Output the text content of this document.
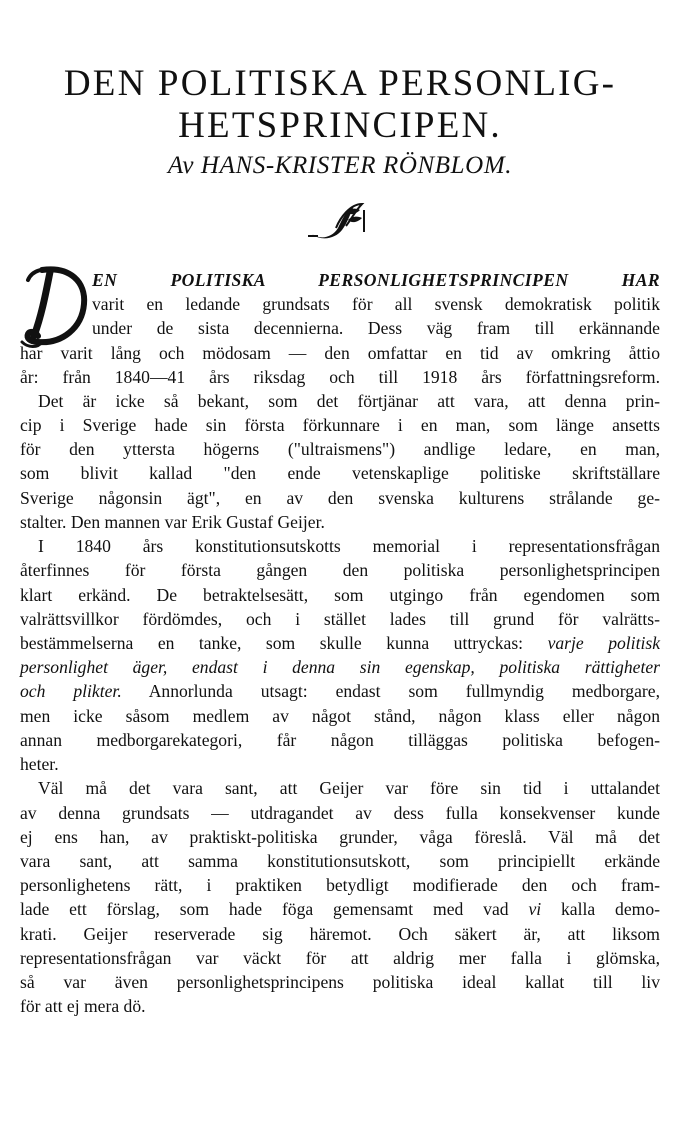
DEN POLITISKA PERSONLIG-
HETSPRINCIPEN.
Av HANS-KRISTER RÖNBLOM.
EN POLITISKA PERSONLIGHETSPRINCIPEN HAR
varit en ledande grundsats för all svensk demokratisk politik
under de sista decennierna. Dess väg fram till erkännande
har varit lång och mödosam — den omfattar en tid av omkring åttio
år: från 1840—41 års riksdag och till 1918 års författningsreform.
Det är icke så bekant, som det förtjänar att vara, att denna prin-
cip i Sverige hade sin första förkunnare i en man, som länge ansetts
för den yttersta högerns ("ultraismens") andlige ledare, en man,
som blivit kallad "den ende vetenskaplige politiske skriftställare
Sverige någonsin ägt", en av den svenska kulturens strålande ge-
stalter. Den mannen var Erik Gustaf Geijer.
I 1840 års konstitutionsutskotts memorial i representationsfrågan
återfinnes för första gången den politiska personlighetsprincipen
klart erkänd. De betraktelsesätt, som utgingo från egendomen som
valrättsvillkor fördömdes, och i stället lades till grund för valrätts-
bestämmelserna en tanke, som skulle kunna uttryckas: varje politisk
personlighet äger, endast i denna sin egenskap, politiska rättigheter
och plikter. Annorlunda utsagt: endast som fullmyndig medborgare,
men icke såsom medlem av något stånd, någon klass eller någon
annan medborgarekategori, får någon tilläggas politiska befogen-
heter.
Väl må det vara sant, att Geijer var före sin tid i uttalandet
av denna grundsats — utdragandet av dess fulla konsekvenser kunde
ej ens han, av praktiskt-politiska grunder, våga föreslå. Väl må det
vara sant, att samma konstitutionsutskott, som principiellt erkände
personlighetens rätt, i praktiken betydligt modifierade den och fram-
lade ett förslag, som hade föga gemensamt med vad vi kalla demo-
krati. Geijer reserverade sig häremot. Och säkert är, att liksom
representationsfrågan var väckt för att aldrig mer falla i glömska,
så var även personlighetsprincipens politiska ideal kallat till liv
för att ej mera dö.
